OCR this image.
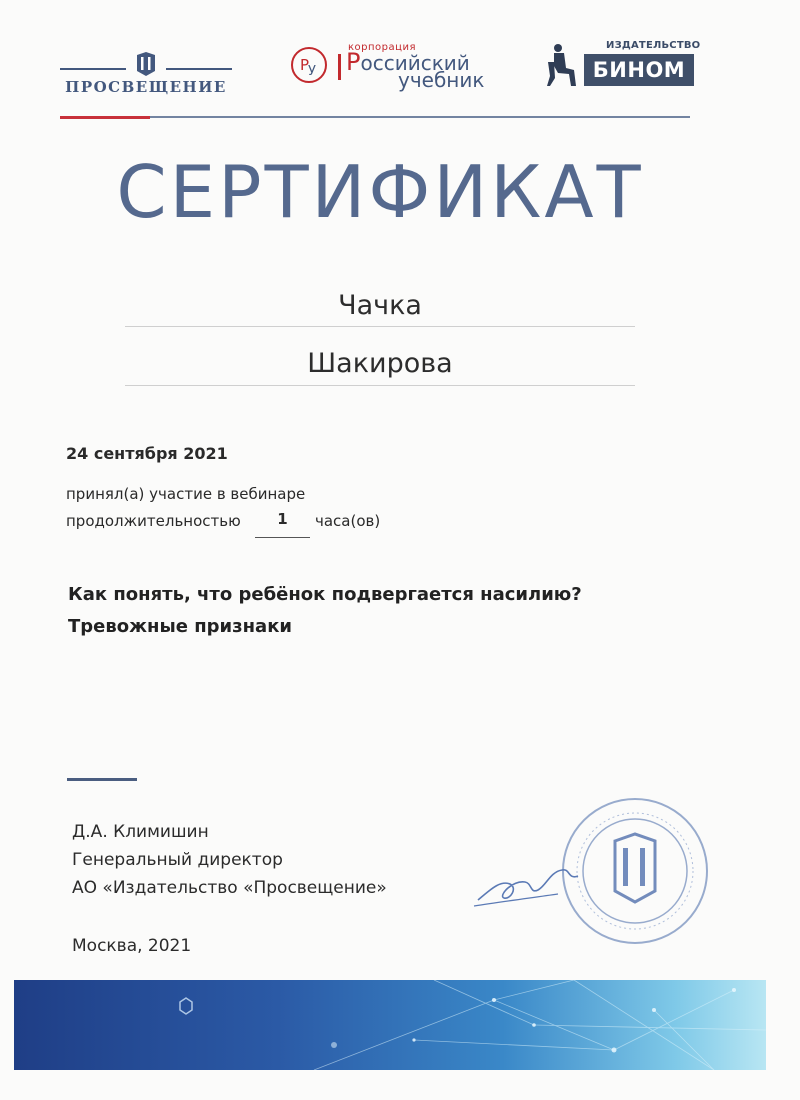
ПРОСВЕЩЕНИЕ
Р
У
корпорация
Российский
учебник
ИЗДАТЕЛЬСТВО
БИНОМ
СЕРТИФИКАТ
Чачка
Шакирова
24 сентября 2021
принял(а) участие в вебинаре
продолжительностью	1	часа(ов)
Как понять, что ребёнок подвергается насилию?
Тревожные признаки
Д.А. Климишин
Генеральный директор
АО «Издательство «Просвещение»
Москва, 2021
